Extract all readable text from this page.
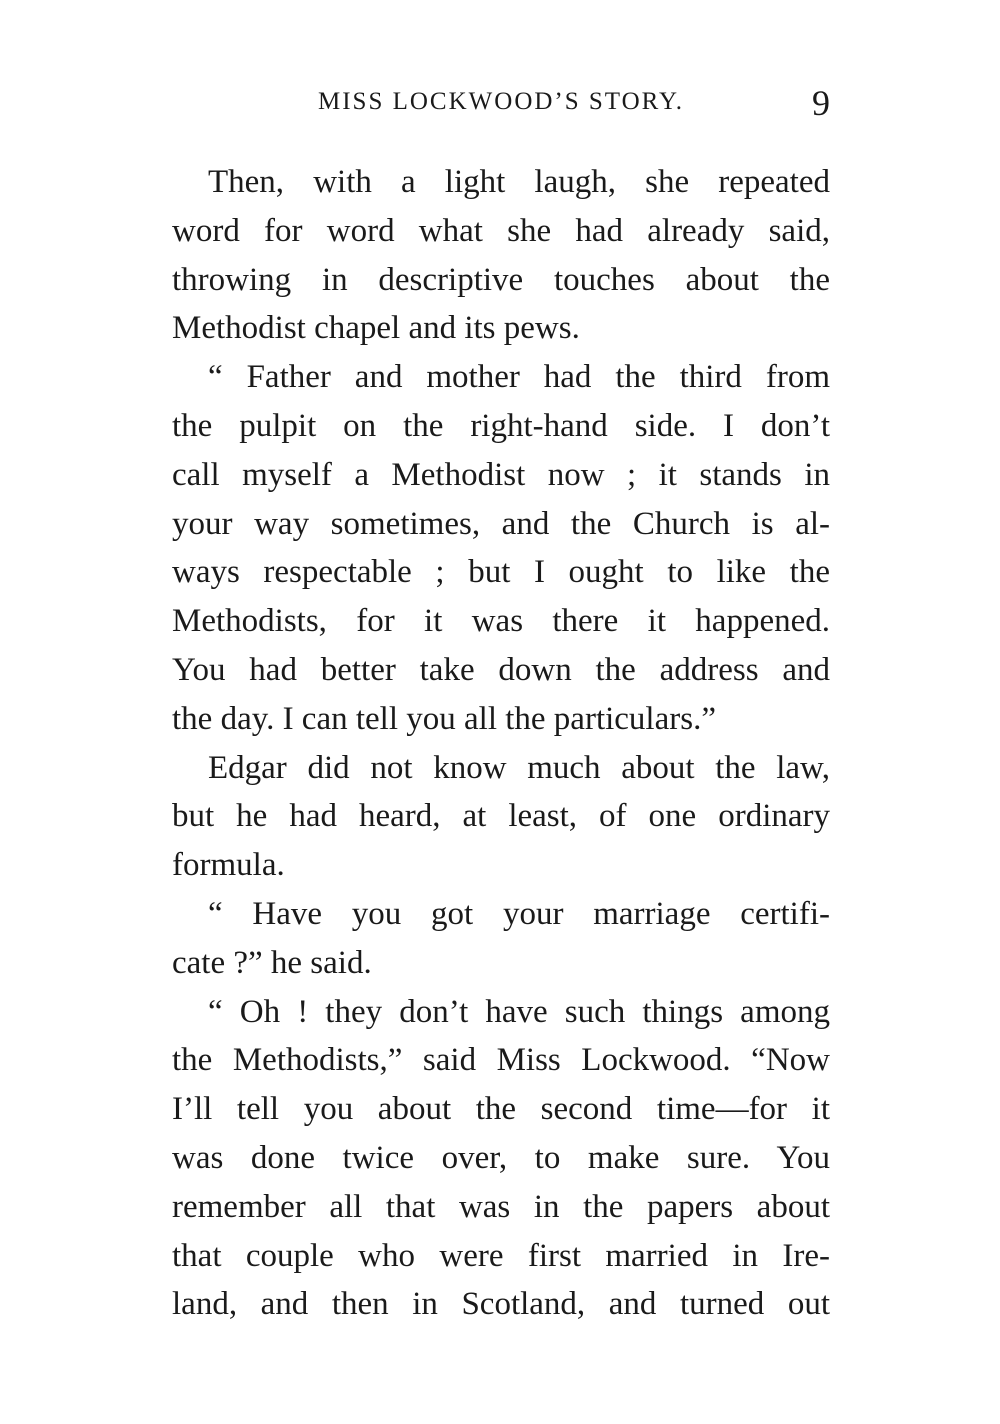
MISS LOCKWOOD’S STORY.	9
Then, with a light laugh, she repeated
word for word what she had already said,
throwing in descriptive touches about the
Methodist chapel and its pews.
“ Father and mother had the third from
the pulpit on the right-hand side. I don’t
call myself a Methodist now ; it stands in
your way sometimes, and the Church is al-
ways respectable ; but I ought to like the
Methodists, for it was there it happened.
You had better take down the address and
the day. I can tell you all the particulars.”
Edgar did not know much about the law,
but he had heard, at least, of one ordinary
formula.
“ Have you got your marriage certifi-
cate ?” he said.
“ Oh ! they don’t have such things among
the Methodists,” said Miss Lockwood. “Now
I’ll tell you about the second time—for it
was done twice over, to make sure. You
remember all that was in the papers about
that couple who were first married in Ire-
land, and then in Scotland, and turned out
